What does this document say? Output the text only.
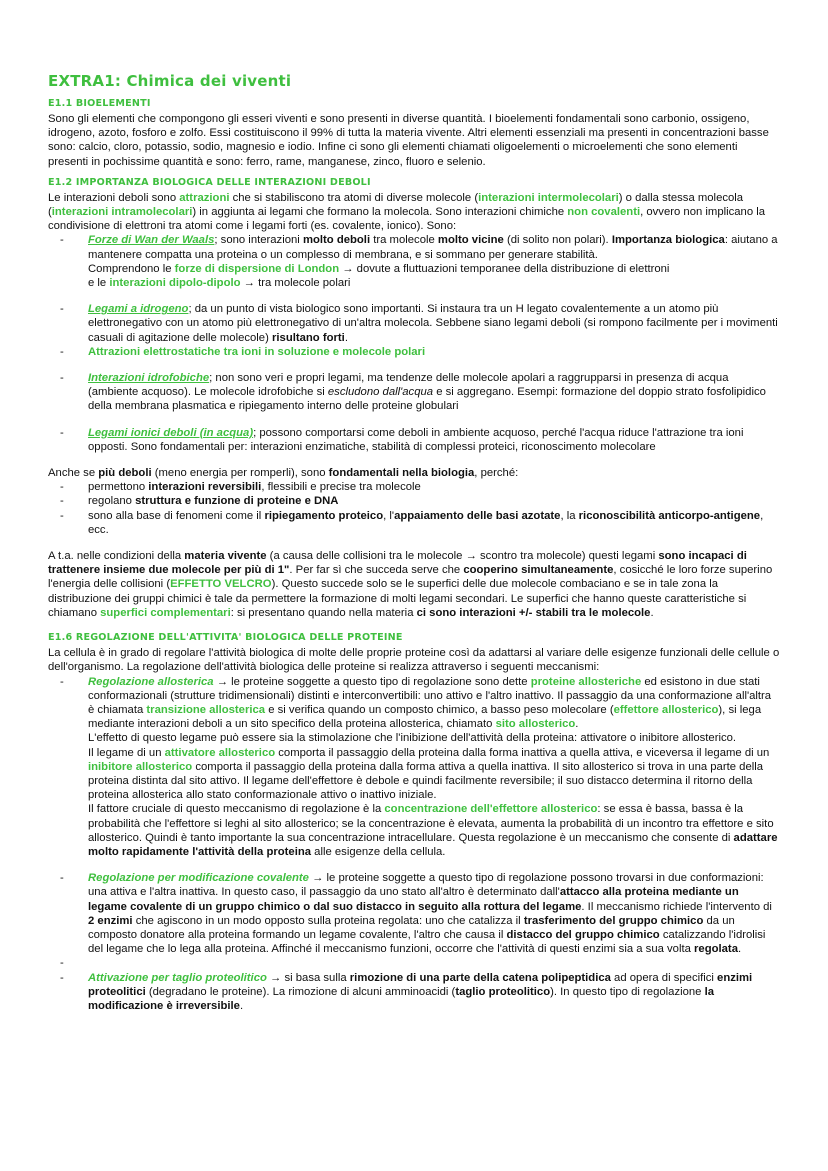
EXTRA1: Chimica dei viventi
E1.1 BIOELEMENTI

Sono gli elementi che compongono gli esseri viventi e sono presenti in diverse quantità. I bioelementi fondamentali sono carbonio, ossigeno, idrogeno, azoto, fosforo e zolfo. Essi costituiscono il 99% di tutta la materia vivente. Altri elementi essenziali ma presenti in concentrazioni basse sono: calcio, cloro, potassio, sodio, magnesio e iodio. Infine ci sono gli elementi chiamati oligoelementi o microelementi che sono elementi presenti in pochissime quantità e sono: ferro, rame, manganese, zinco, fluoro e selenio.

E1.2 IMPORTANZA BIOLOGICA DELLE INTERAZIONI DEBOLI

Le interazioni deboli sono attrazioni che si stabiliscono tra atomi di diverse molecole (interazioni intermolecolari) o dalla stessa molecola (interazioni intramolecolari) in aggiunta ai legami che formano la molecola. Sono interazioni chimiche non covalenti, ovvero non implicano la condivisione di elettroni tra atomi come i legami forti (es. covalente, ionico). Sono:

- Forze di Wan der Waals; sono interazioni molto deboli tra molecole molto vicine (di solito non polari). Importanza biologica: aiutano a mantenere compatta una proteina o un complesso di membrana, e si sommano per generare stabilità.
Comprendono le forze di dispersione di London → dovute a fluttuazioni temporanee della distribuzione di elettroni
e le interazioni dipolo-dipolo → tra molecole polari
- Legami a idrogeno; da un punto di vista biologico sono importanti. Si instaura tra un H legato covalentemente a un atomo più elettronegativo con un atomo più elettronegativo di un'altra molecola. Sebbene siano legami deboli (si rompono facilmente per i movimenti casuali di agitazione delle molecole) risultano forti.
- Attrazioni elettrostatiche tra ioni in soluzione e molecole polari
- Interazioni idrofobiche; non sono veri e propri legami, ma tendenze delle molecole apolari a raggrupparsi in presenza di acqua (ambiente acquoso). Le molecole idrofobiche si escludono dall'acqua e si aggregano. Esempi: formazione del doppio strato fosfolipidico della membrana plasmatica e ripiegamento interno delle proteine globulari
- Legami ionici deboli (in acqua); possono comportarsi come deboli in ambiente acquoso, perché l'acqua riduce l'attrazione tra ioni opposti. Sono fondamentali per: interazioni enzimatiche, stabilità di complessi proteici, riconoscimento molecolare

Anche se più deboli (meno energia per romperli), sono fondamentali nella biologia, perché:

- permettono interazioni reversibili, flessibili e precise tra molecole
- regolano struttura e funzione di proteine e DNA
- sono alla base di fenomeni come il ripiegamento proteico, l'appaiamento delle basi azotate, la riconoscibilità anticorpo-antigene, ecc.

A t.a. nelle condizioni della materia vivente (a causa delle collisioni tra le molecole → scontro tra molecole) questi legami sono incapaci di trattenere insieme due molecole per più di 1". Per far sì che succeda serve che cooperino simultaneamente, cosicché le loro forze superino l'energia delle collisioni (EFFETTO VELCRO). Questo succede solo se le superfici delle due molecole combaciano e se in tale zona la distribuzione dei gruppi chimici è tale da permettere la formazione di molti legami secondari. Le superfici che hanno queste caratteristiche si chiamano superfici complementari: si presentano quando nella materia ci sono interazioni +/- stabili tra le molecole.

E1.6 REGOLAZIONE DELL'ATTIVITA' BIOLOGICA DELLE PROTEINE

La cellula è in grado di regolare l'attività biologica di molte delle proprie proteine così da adattarsi al variare delle esigenze funzionali delle cellule o dell'organismo. La regolazione dell'attività biologica delle proteine si realizza attraverso i seguenti meccanismi:

- Regolazione allosterica → le proteine soggette a questo tipo di regolazione sono dette proteine allosteriche ed esistono in due stati conformazionali (strutture tridimensionali) distinti e interconvertibili: uno attivo e l'altro inattivo. Il passaggio da una conformazione all'altra è chiamata transizione allosterica e si verifica quando un composto chimico, a basso peso molecolare (effettore allosterico), si lega mediante interazioni deboli a un sito specifico della proteina allosterica, chiamato sito allosterico.
L'effetto di questo legame può essere sia la stimolazione che l'inibizione dell'attività della proteina: attivatore o inibitore allosterico.
Il legame di un attivatore allosterico comporta il passaggio della proteina dalla forma inattiva a quella attiva, e viceversa il legame di un inibitore allosterico comporta il passaggio della proteina dalla forma attiva a quella inattiva. Il sito allosterico si trova in una parte della proteina distinta dal sito attivo. Il legame dell'effettore è debole e quindi facilmente reversibile; il suo distacco determina il ritorno della proteina allosterica allo stato conformazionale attivo o inattivo iniziale.
Il fattore cruciale di questo meccanismo di regolazione è la concentrazione dell'effettore allosterico: se essa è bassa, bassa è la probabilità che l'effettore si leghi al sito allosterico; se la concentrazione è elevata, aumenta la probabilità di un incontro tra effettore e sito allosterico. Quindi è tanto importante la sua concentrazione intracellulare. Questa regolazione è un meccanismo che consente di adattare molto rapidamente l'attività della proteina alle esigenze della cellula.
- Regolazione per modificazione covalente → le proteine soggette a questo tipo di regolazione possono trovarsi in due conformazioni: una attiva e l'altra inattiva. In questo caso, il passaggio da uno stato all'altro è determinato dall'attacco alla proteina mediante un legame covalente di un gruppo chimico o dal suo distacco in seguito alla rottura del legame. Il meccanismo richiede l'intervento di 2 enzimi che agiscono in un modo opposto sulla proteina regolata: uno che catalizza il trasferimento del gruppo chimico da un composto donatore alla proteina formando un legame covalente, l'altro che causa il distacco del gruppo chimico catalizzando l'idrolisi del legame che lo lega alla proteina. Affinché il meccanismo funzioni, occorre che l'attività di questi enzimi sia a sua volta regolata.
-
- Attivazione per taglio proteolitico → si basa sulla rimozione di una parte della catena polipeptidica ad opera di specifici enzimi proteolitici (degradano le proteine). La rimozione di alcuni amminoacidi (taglio proteolitico). In questo tipo di regolazione la modificazione è irreversibile.
